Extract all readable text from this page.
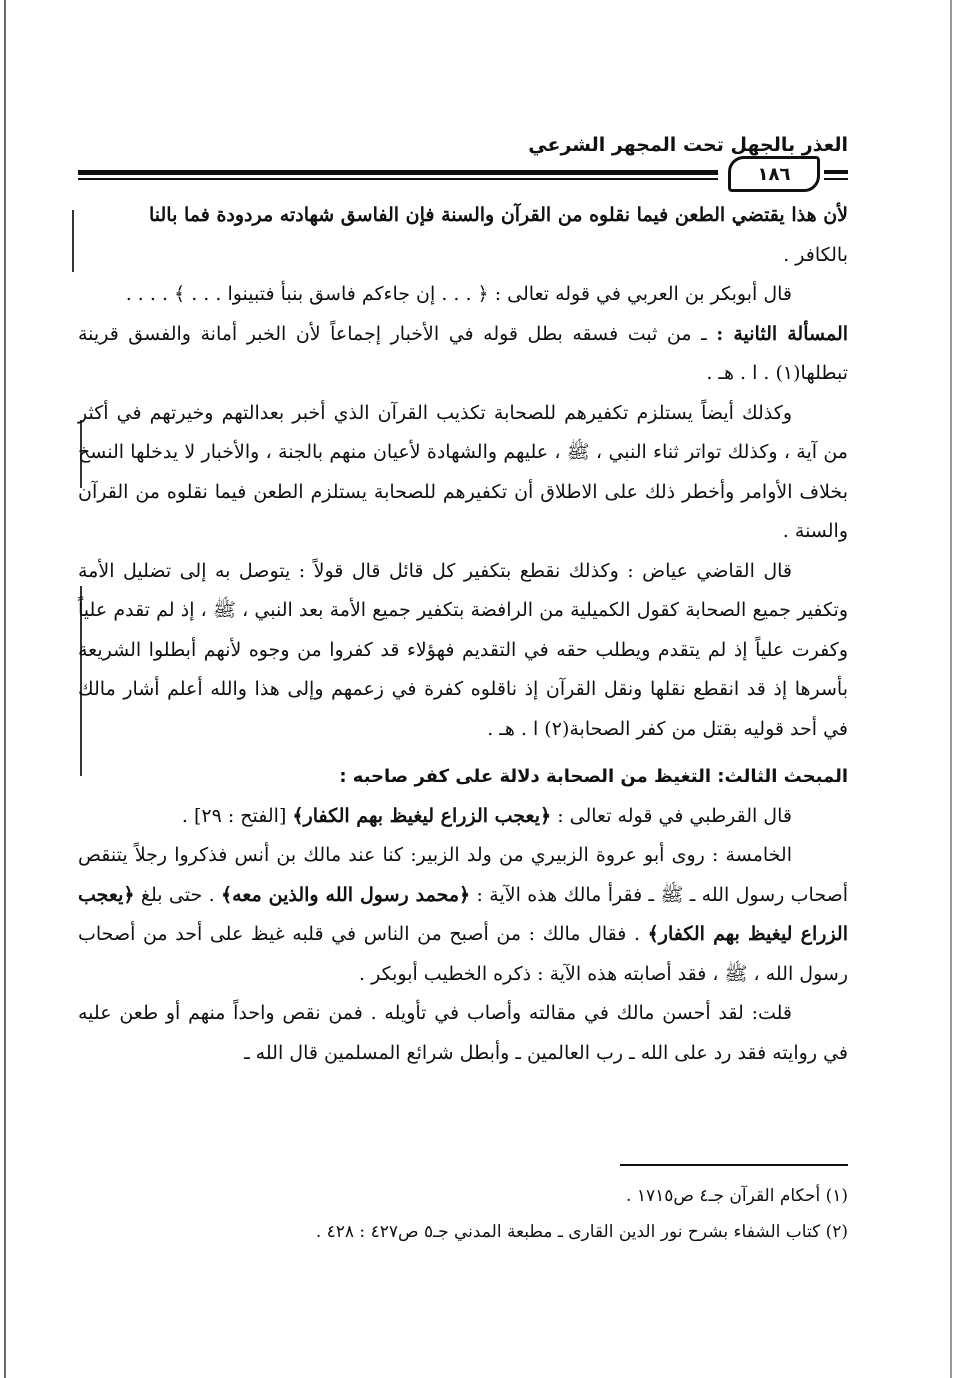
العذر بالجهل تحت المجهر الشرعي
١٨٦

لأن هذا يقتضي الطعن فيما نقلوه من القرآن والسنة فإن الفاسق شهادته مردودة فما بالنا

بالكافر .

قال أبوبكر بن العربي في قوله تعالى : ﴿ . . . إن جاءكم فاسق بنبأ فتبينوا . . . ﴾ . . . .

المسألة الثانية : ـ من ثبت فسقه بطل قوله في الأخبار إجماعاً لأن الخبر أمانة والفسق قرينة تبطلها(١) . ا . هـ .

وكذلك أيضاً يستلزم تكفيرهم للصحابة تكذيب القرآن الذي أخبر بعدالتهم وخيرتهم في أكثر من آية ، وكذلك تواتر ثناء النبي ، ﷺ ، عليهم والشهادة لأعيان منهم بالجنة ، والأخبار لا يدخلها النسخ بخلاف الأوامر وأخطر ذلك على الاطلاق أن تكفيرهم للصحابة يستلزم الطعن فيما نقلوه من القرآن والسنة .

قال القاضي عياض : وكذلك نقطع بتكفير كل قائل قال قولاً : يتوصل به إلى تضليل الأمة وتكفير جميع الصحابة كقول الكميلية من الرافضة بتكفير جميع الأمة بعد النبي ، ﷺ ، إذ لم تقدم علياً وكفرت علياً إذ لم يتقدم ويطلب حقه في التقديم فهؤلاء قد كفروا من وجوه لأنهم أبطلوا الشريعة بأسرها إذ قد انقطع نقلها ونقل القرآن إذ ناقلوه كفرة في زعمهم وإلى هذا والله أعلم أشار مالك في أحد قوليه بقتل من كفر الصحابة(٢) ا . هـ .

المبحث الثالث: التغيظ من الصحابة دلالة على كفر صاحبه :

قال القرطبي في قوله تعالى : ﴿يعجب الزراع ليغيظ بهم الكفار﴾ [الفتح : ٢٩] .

الخامسة : روى أبو عروة الزبيري من ولد الزبير: كنا عند مالك بن أنس فذكروا رجلاً يتنقص أصحاب رسول الله ـ ﷺ ـ فقرأ مالك هذه الآية : ﴿محمد رسول الله والذين معه﴾ . حتى بلغ ﴿يعجب الزراع ليغيظ بهم الكفار﴾ . فقال مالك : من أصبح من الناس في قلبه غيظ على أحد من أصحاب رسول الله ، ﷺ ، فقد أصابته هذه الآية : ذكره الخطيب أبوبكر .

قلت: لقد أحسن مالك في مقالته وأصاب في تأويله . فمن نقص واحداً منهم أو طعن عليه في روايته فقد رد على الله ـ رب العالمين ـ وأبطل شرائع المسلمين قال الله ـ

(١) أحكام القرآن جـ٤ ص١٧١٥ .

(٢) كتاب الشفاء بشرح نور الدين القارى ـ مطبعة المدني جـ٥ ص٤٢٧ : ٤٢٨ .
